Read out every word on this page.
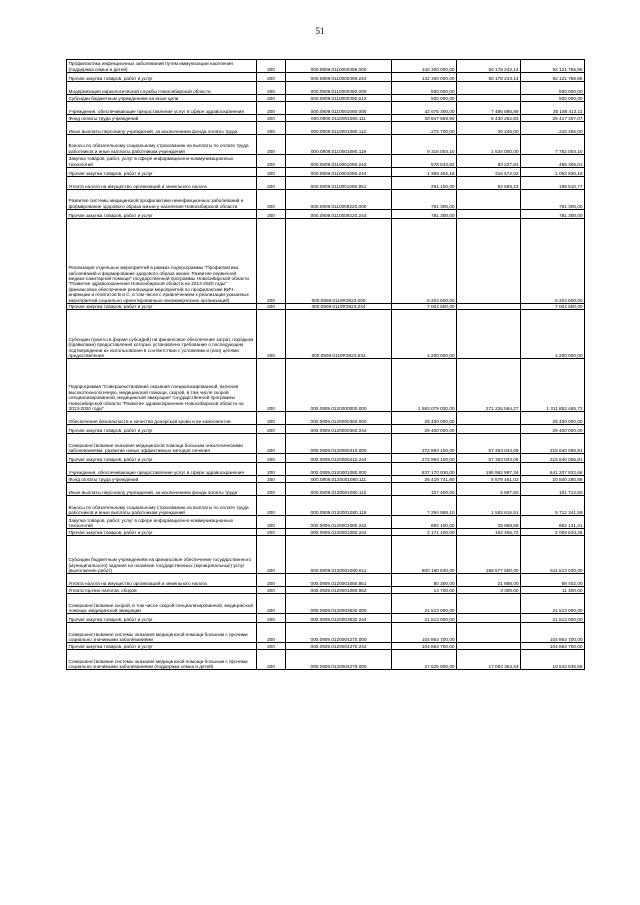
51
Профилактика инфекционных заболеваний путем иммунизации населения (поддержка семьи и детей)	200	000.0909.0110000359.000	142 300 000,00	50 178 243,14	92 121 756,86
Прочая закупка товаров, работ и услуг	200	000.0909.0110000359.244	142 300 000,00	50 178 243,14	92 121 756,86
Модернизация наркологической службы Новосибирской области	200	000.0909.0110000390.000	500 000,00		500 000,00
Субсидии бюджетным учреждениям на иные цели	200	000.0909.0110000390.612	500 000,00		500 000,00
Учреждения, обеспечивающие предоставление услуг в сфере здравоохранения	200	000.0909.0110001080.000	42 675 300,00	7 486 886,89	35 188 413,11
Фонд оплаты труда учреждений	200	000.0909.0110001080.111	30 847 559,90	5 430 252,83	25 417 307,07
Иные выплаты персоналу учреждений, за исключением фонда оплаты труда	200	000.0909.0110001080.112	272 700,00	30 245,00	242 455,00
Взносы по обязательному социальному страхованию на выплаты по оплате труда работников и иные выплаты работникам учреждений	200	000.0909.0110001080.119	9 316 004,10	1 534 000,00	7 782 004,10
Закупка товаров, работ, услуг в сфере информационно-коммуникационных технологий	200	000.0909.0110001080.242	578 533,82	83 227,81	495 306,01
Прочая закупка товаров, работ и услуг	200	000.0909.0110001080.244	1 369 402,18	316 572,02	1 052 830,16
Уплата налога на имущество организаций и земельного налога	200	000.0909.0110001080.851	291 100,00	92 589,23	198 510,77
Развитие системы медицинской профилактики неинфекционных заболеваний и формирование здорового образа жизни у населения Новосибирской области	200	000.0909.0110009220.000	781 300,00		781 300,00
Прочая закупка товаров, работ и услуг	200	000.0909.0110009220.244	781 300,00		781 300,00
Реализация отдельных мероприятий в рамках подпрограммы "Профилактика заболеваний и формирование здорового образа жизни. Развитие первичной медико-санитарной помощи" государственной программы Новосибирской области "Развитие здравоохранения Новосибирской области на 2013-2020 годы" (финансовое обеспечение реализации мероприятий по профилактике ВИЧ-инфекции и гепатитов B и C, в том числе с привлечением к реализации указанных мероприятий социально ориентированных некоммерческих организаций)	200	000.0909.0110R3823.000	8 204 600,00		8 204 600,00
Прочая закупка товаров, работ и услуг	200	000.0909.0110R3823.244	7 004 600,00		7 004 600,00
Субсидии (гранты в форме субсидий) на финансовое обеспечение затрат, порядком (правилами) предоставления которых установлено требование о последующем подтверждении их использования в соответствии с условиями и (или) целями предоставления	200	000.0909.0110R3823.632	1 200 000,00		1 200 000,00
Подпрограмма "Совершенствование оказания специализированной, включая высокотехнологичную, медицинской помощи, скорой, в том числе скорой специализированной, медицинской эвакуации" государственной программы Новосибирской области "Развитие здравоохранения Новосибирской области на 2013-2020 годы"	200	000.0909.0120000000.000	1 583 079 030,00	271 226 564,27	1 311 852 465,73
Обеспечение безопасности и качества донорской крови и ее компонентов	200	000.0909.0120000360.000	29 400 000,00		29 400 000,00
Прочая закупка товаров, работ и услуг	200	000.0909.0120000360.244	29 400 000,00		29 400 000,00
Совершенствование оказания медицинской помощи больным онкологическими заболеваниями, развитие новых эффективных методов лечения	200	000.0909.0120000410.000	272 993 100,00	57 353 043,09	215 640 056,91
Прочая закупка товаров, работ и услуг	200	000.0909.0120000410.244	272 993 100,00	57 353 043,09	215 640 056,91
Учреждения, обеспечивающие предоставление услуг в сфере здравоохранения	200	000.0909.0120001080.000	837 170 930,00	195 962 997,34	641 207 932,66
Фонд оплаты труда учреждений	200	000.0909.0120001080.111	26 419 741,90	5 579 461,02	20 840 280,88
Иные выплаты персоналу учреждений, за исключением фонда оплаты труда	200	000.0909.0120001080.112	107 400,00	5 687,50	101 712,50
Взносы по обязательному социальному страхованию на выплаты по оплате труда работников и иные выплаты работникам учреждений	200	000.0909.0120001080.119	7 294 958,10	1 582 616,51	5 712 341,59
Закупка товаров, работ, услуг в сфере информационно-коммуникационных технологий	200	000.0909.0120001080.242	892 100,00	29 968,59	862 131,41
Прочая закупка товаров, работ и услуг	200	000.0909.0120001080.244	2 171 100,00	162 465,72	2 008 634,28
Субсидии бюджетным учреждениям на финансовое обеспечение государственного (муниципального) задания на оказание государственных (муниципальных) услуг (выполнение работ)	200	000.0909.0120001080.611	800 190 630,00	188 577 600,00	611 613 030,00
Уплата налога на имущество организаций и земельного налога	200	000.0909.0120001080.851	80 300,00	21 898,00	58 402,00
Уплата прочих налогов, сборов	200	000.0909.0120001080.852	14 700,00	3 300,00	11 400,00
Совершенствование скорой, в том числе скорой специализированной, медицинской помощи, медицинской эвакуации	200	000.0909.0120003630.000	21 513 000,00		21 513 000,00
Прочая закупка товаров, работ и услуг	200	000.0909.0120003630.244	21 513 000,00		21 513 000,00
Совершенствование системы оказания медицинской помощи больным с прочими социально значимыми заболеваниями	200	000.0909.0120004270.000	104 864 700,00		104 864 700,00
Прочая закупка товаров, работ и услуг	200	000.0909.0120004270.244	104 864 700,00		104 864 700,00
Совершенствование системы оказания медицинской помощи больным с прочими социально значимыми заболеваниями (поддержка семьи и детей)	200	000.0909.0120004279.000	27 625 900,00	17 083 364,44	10 542 535,56
